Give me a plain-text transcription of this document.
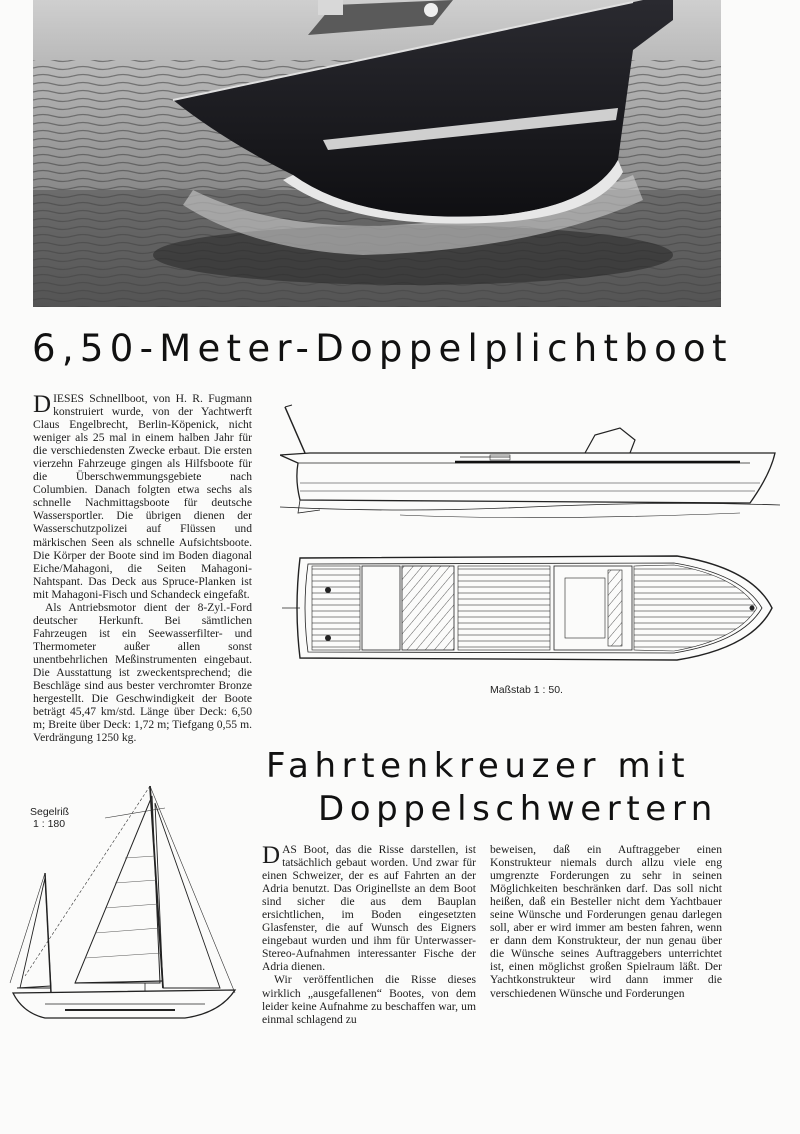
6,50-Meter-Doppelplichtboot

DIESES Schnellboot, von H. R. Fugmann konstruiert wurde, von der Yachtwerft Claus Engelbrecht, Berlin-Köpenick, nicht weniger als 25 mal in einem halben Jahr für die verschiedensten Zwecke erbaut. Die ersten vierzehn Fahrzeuge gingen als Hilfsboote für die Überschwemmungsgebiete nach Columbien. Danach folgten etwa sechs als schnelle Nachmittagsboote für deutsche Wassersportler. Die übrigen dienen der Wasserschutzpolizei auf Flüssen und märkischen Seen als schnelle Aufsichtsboote. Die Körper der Boote sind im Boden diagonal Eiche/Mahagoni, die Seiten Mahagoni-Nahtspant. Das Deck aus Spruce-Planken ist mit Mahagoni-Fisch und Schandeck eingefaßt.

Als Antriebsmotor dient der 8-Zyl.-Ford deutscher Herkunft. Bei sämtlichen Fahrzeugen ist ein Seewasserfilter- und Thermometer außer allen sonst unentbehrlichen Meßinstrumenten eingebaut. Die Ausstattung ist zweckentsprechend; die Beschläge sind aus bester verchromter Bronze hergestellt. Die Geschwindigkeit der Boote beträgt 45,47 km/std. Länge über Deck: 6,50 m; Breite über Deck: 1,72 m; Tiefgang 0,55 m. Verdrängung 1250 kg.

Maßstab 1 : 50.
Fahrtenkreuzer mit
Doppelschwertern
Segelriß
1 : 180

DAS Boot, das die Risse darstellen, ist tatsächlich gebaut worden. Und zwar für einen Schweizer, der es auf Fahrten an der Adria benutzt. Das Originellste an dem Boot sind sicher die aus dem Bauplan ersichtlichen, im Boden eingesetzten Glasfenster, die auf Wunsch des Eigners eingebaut wurden und ihm für Unterwasser-Stereo-Aufnahmen interessanter Fische der Adria dienen.

Wir veröffentlichen die Risse dieses wirklich „ausgefallenen“ Bootes, von dem leider keine Aufnahme zu beschaffen war, um einmal schlagend zu

beweisen, daß ein Auftraggeber einen Konstrukteur niemals durch allzu viele eng umgrenzte Forderungen zu sehr in seinen Möglichkeiten beschränken darf. Das soll nicht heißen, daß ein Besteller nicht dem Yachtbauer seine Wünsche und Forderungen genau darlegen soll, aber er wird immer am besten fahren, wenn er dann dem Konstrukteur, der nun genau über die Wünsche seines Auftraggebers unterrichtet ist, einen möglichst großen Spielraum läßt. Der Yachtkonstrukteur wird dann immer die verschiedenen Wünsche und Forderungen
